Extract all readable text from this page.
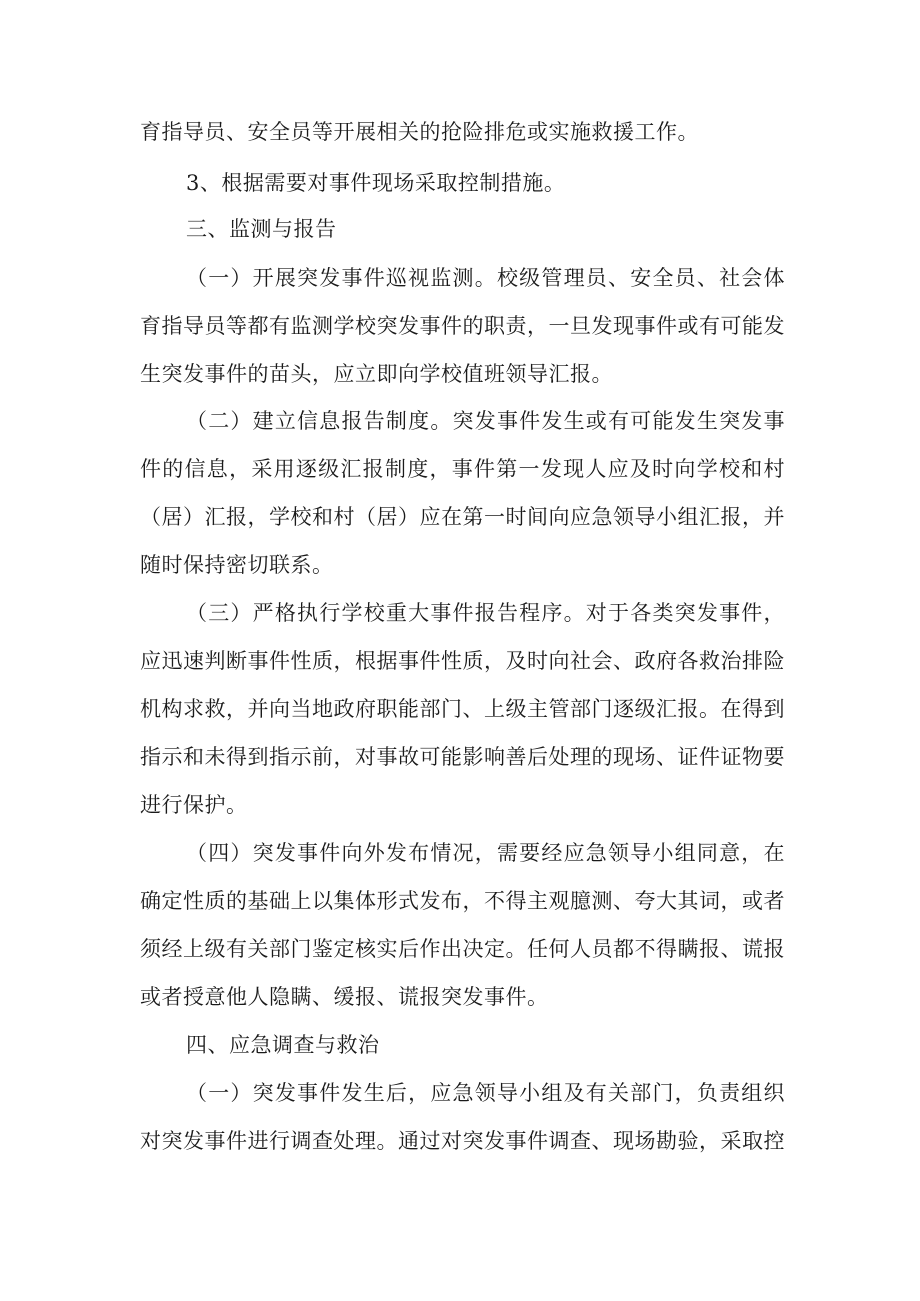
育指导员、安全员等开展相关的抢险排危或实施救援工作。
3、根据需要对事件现场采取控制措施。
三、监测与报告
（一）开展突发事件巡视监测。校级管理员、安全员、社会体
育指导员等都有监测学校突发事件的职责，一旦发现事件或有可能发
生突发事件的苗头，应立即向学校值班领导汇报。
（二）建立信息报告制度。突发事件发生或有可能发生突发事
件的信息，采用逐级汇报制度，事件第一发现人应及时向学校和村
（居）汇报，学校和村（居）应在第一时间向应急领导小组汇报，并
随时保持密切联系。
（三）严格执行学校重大事件报告程序。对于各类突发事件，
应迅速判断事件性质，根据事件性质，及时向社会、政府各救治排险
机构求救，并向当地政府职能部门、上级主管部门逐级汇报。在得到
指示和未得到指示前，对事故可能影响善后处理的现场、证件证物要
进行保护。
（四）突发事件向外发布情况，需要经应急领导小组同意，在
确定性质的基础上以集体形式发布，不得主观臆测、夸大其词，或者
须经上级有关部门鉴定核实后作出决定。任何人员都不得瞒报、谎报
或者授意他人隐瞒、缓报、谎报突发事件。
四、应急调查与救治
（一）突发事件发生后，应急领导小组及有关部门，负责组织
对突发事件进行调查处理。通过对突发事件调查、现场勘验，采取控
